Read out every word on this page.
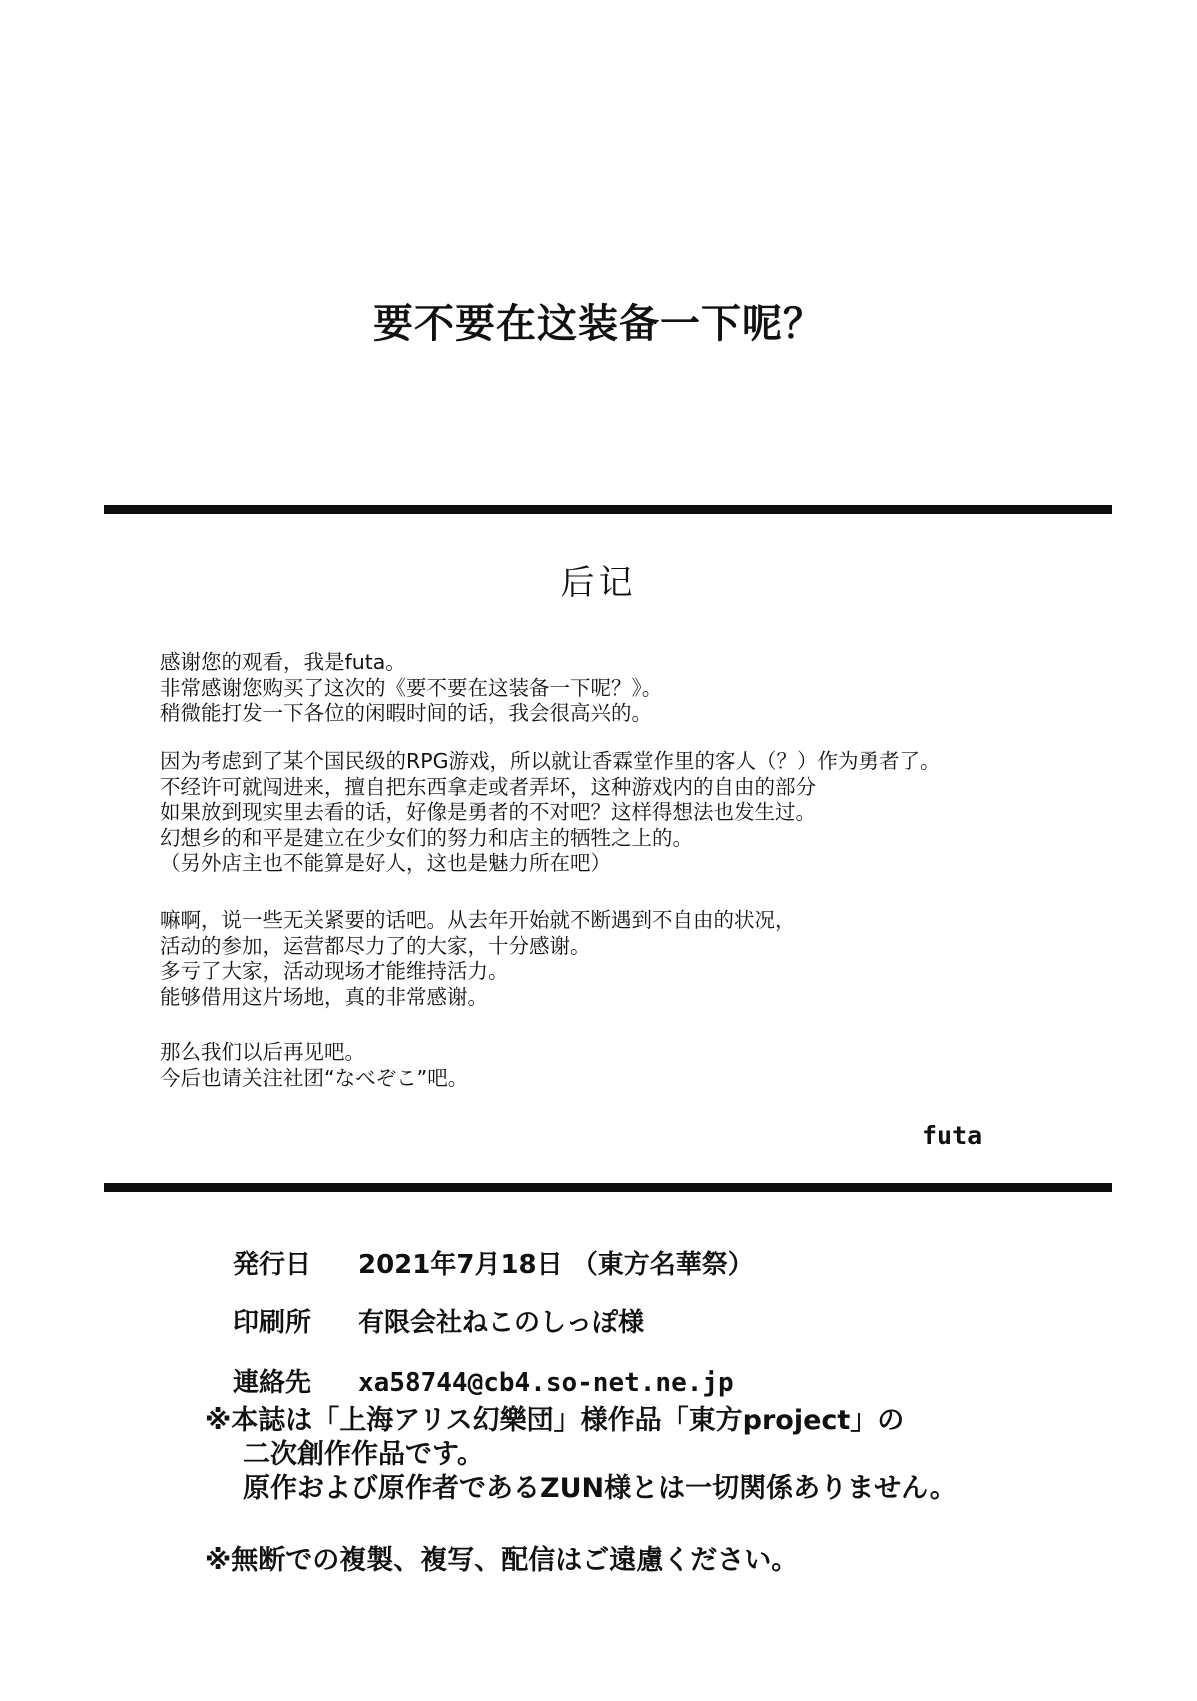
要不要在这装备一下呢？
后记
感谢您的观看，我是futa。
非常感谢您购买了这次的《要不要在这装备一下呢？》。
稍微能打发一下各位的闲暇时间的话，我会很高兴的。
因为考虑到了某个国民级的RPG游戏，所以就让香霖堂作里的客人（？）作为勇者了。
不经许可就闯进来，擅自把东西拿走或者弄坏，这种游戏内的自由的部分
如果放到现实里去看的话，好像是勇者的不对吧？这样得想法也发生过。
幻想乡的和平是建立在少女们的努力和店主的牺牲之上的。
（另外店主也不能算是好人，这也是魅力所在吧）
嘛啊，说一些无关紧要的话吧。从去年开始就不断遇到不自由的状况，
活动的参加，运营都尽力了的大家，十分感谢。
多亏了大家，活动现场才能维持活力。
能够借用这片场地，真的非常感谢。
那么我们以后再见吧。
今后也请关注社团“なべぞこ”吧。
futa
発行日 2021年7月18日 （東方名華祭）
印刷所 有限会社ねこのしっぽ様
連絡先 xa58744@cb4.so-net.ne.jp
※本誌は「上海アリス幻樂団」様作品「東方project」の
二次創作作品です。
原作および原作者であるZUN様とは一切関係ありません。
※無断での複製、複写、配信はご遠慮ください。
